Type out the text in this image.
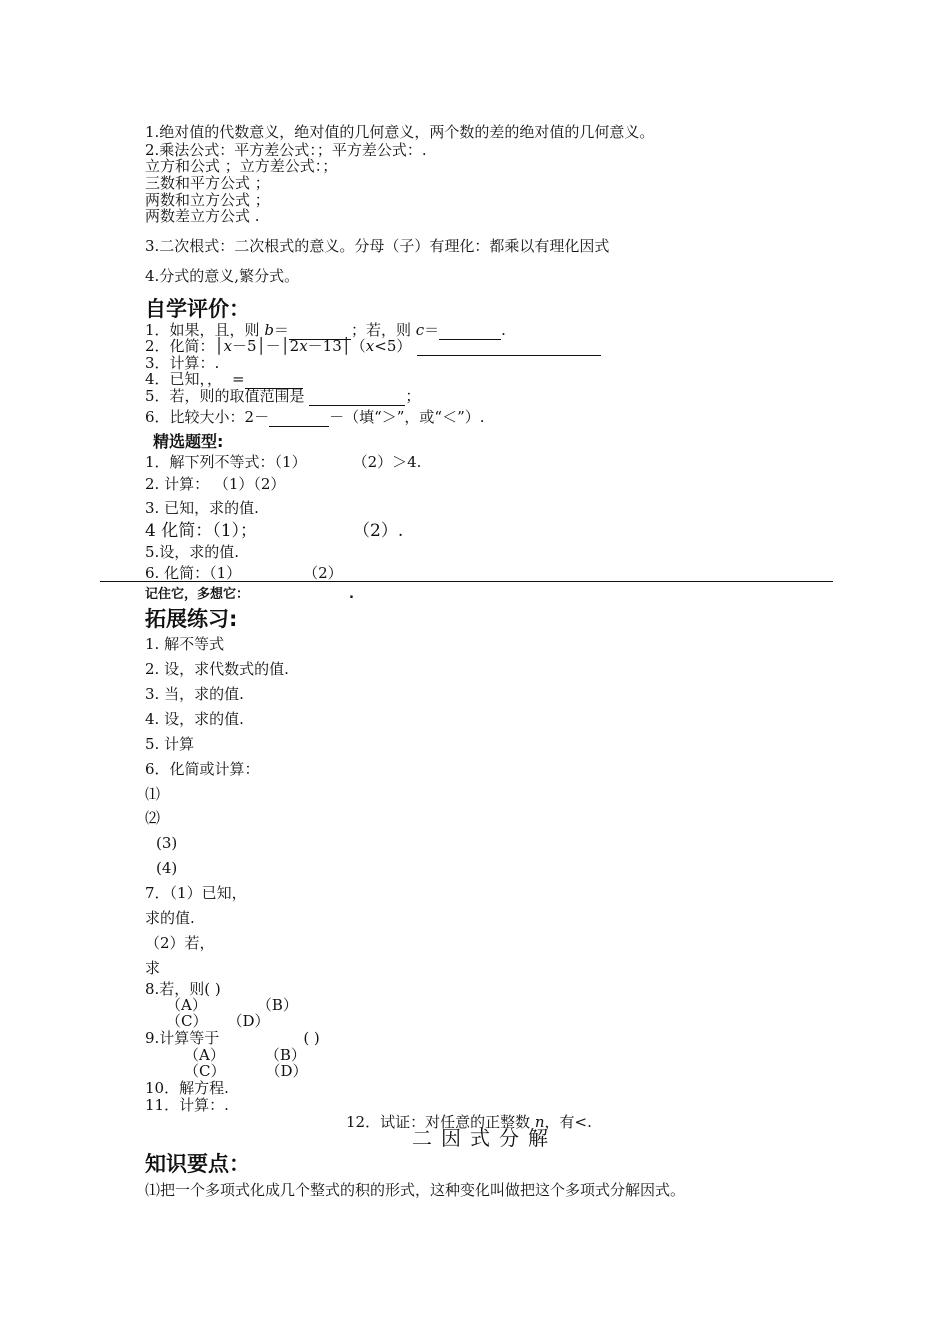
1.绝对值的代数意义，绝对值的几何意义，两个数的差的绝对值的几何意义。
2.乘法公式：平方差公式：；平方差公式：.
立方和公式 ；立方差公式：；
三数和平方公式 ；
两数和立方公式 ；
两数差立方公式 .
3.二次根式：二次根式的意义。分母（子）有理化：都乘以有理化因式
4.分式的意义,繁分式。
自学评价：
1．如果，且，则 b＝	；若，则 c＝	.
2．化简：│x－5│－│2x－13│（x<5）
3．计算：.
4．已知，， =
5．若，则的取值范围是	；
6．比较大小：2－	－（填“＞”，或“＜”）.
精选题型:
1．解下列不等式：（1）	（2）＞4.
2. 计算： （1）（2）
3. 已知，求的值.
4 化简：（1）；	（2）.
5.设，求的值.
6. 化简：（1）	（2）
记住它，多想它：	.
拓展练习:
1. 解不等式
2. 设，求代数式的值.
3. 当，求的值.
4. 设，求的值.
5. 计算
6．化简或计算：
⑴
⑵
(3)
(4)
7．（1）已知，
求的值.
（2）若，
求
8.若，则( )
（A）	（B）
（C） （D）
9.计算等于	( )
（A）	（B）
（C）	（D）
10．解方程.
11．计算：.
12．试证：对任意的正整数 n，有<.
二因式分解
知识要点：
⑴把一个多项式化成几个整式的积的形式，这种变化叫做把这个多项式分解因式。
